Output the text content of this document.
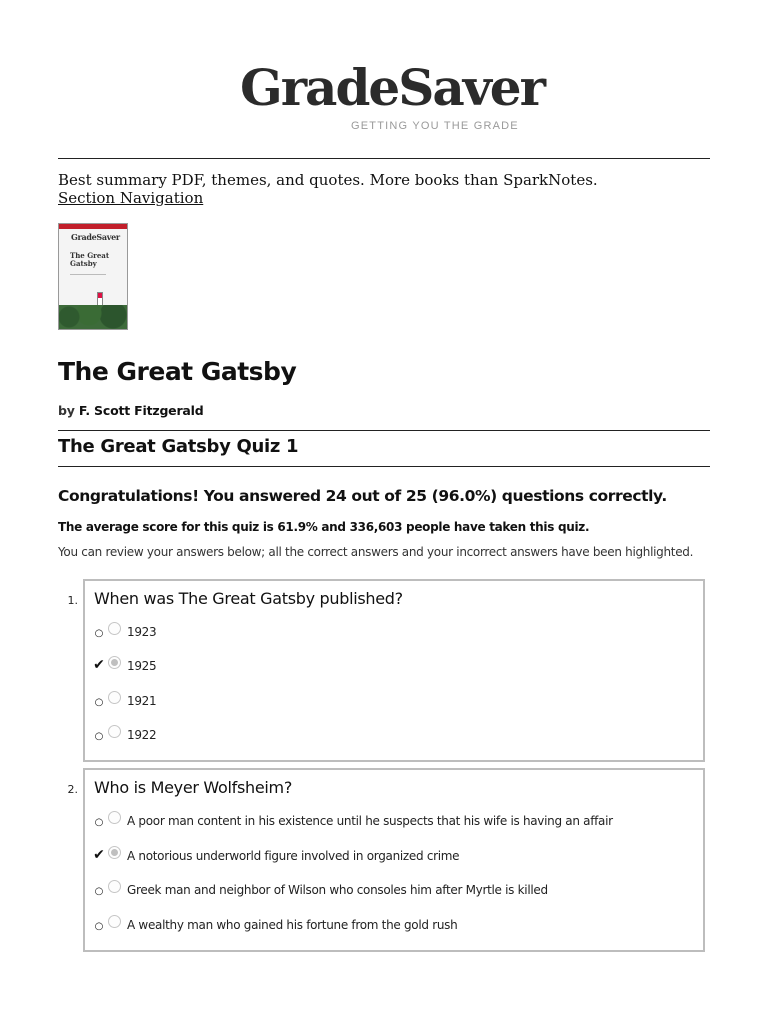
GradeSaver
GETTING YOU THE GRADE
Best summary PDF, themes, and quotes. More books than SparkNotes.
Section Navigation
GradeSaver
The Great
Gatsby
The Great Gatsby
by F. Scott Fitzgerald
The Great Gatsby Quiz 1
Congratulations! You answered 24 out of 25 (96.0%) questions correctly.
The average score for this quiz is 61.9% and 336,603 people have taken this quiz.
You can review your answers below; all the correct answers and your incorrect answers have been highlighted.
1. When was The Great Gatsby published?
○ 1923
✔ 1925
○ 1921
○ 1922
2. Who is Meyer Wolfsheim?
○ A poor man content in his existence until he suspects that his wife is having an affair
✔ A notorious underworld figure involved in organized crime
○ Greek man and neighbor of Wilson who consoles him after Myrtle is killed
○ A wealthy man who gained his fortune from the gold rush
